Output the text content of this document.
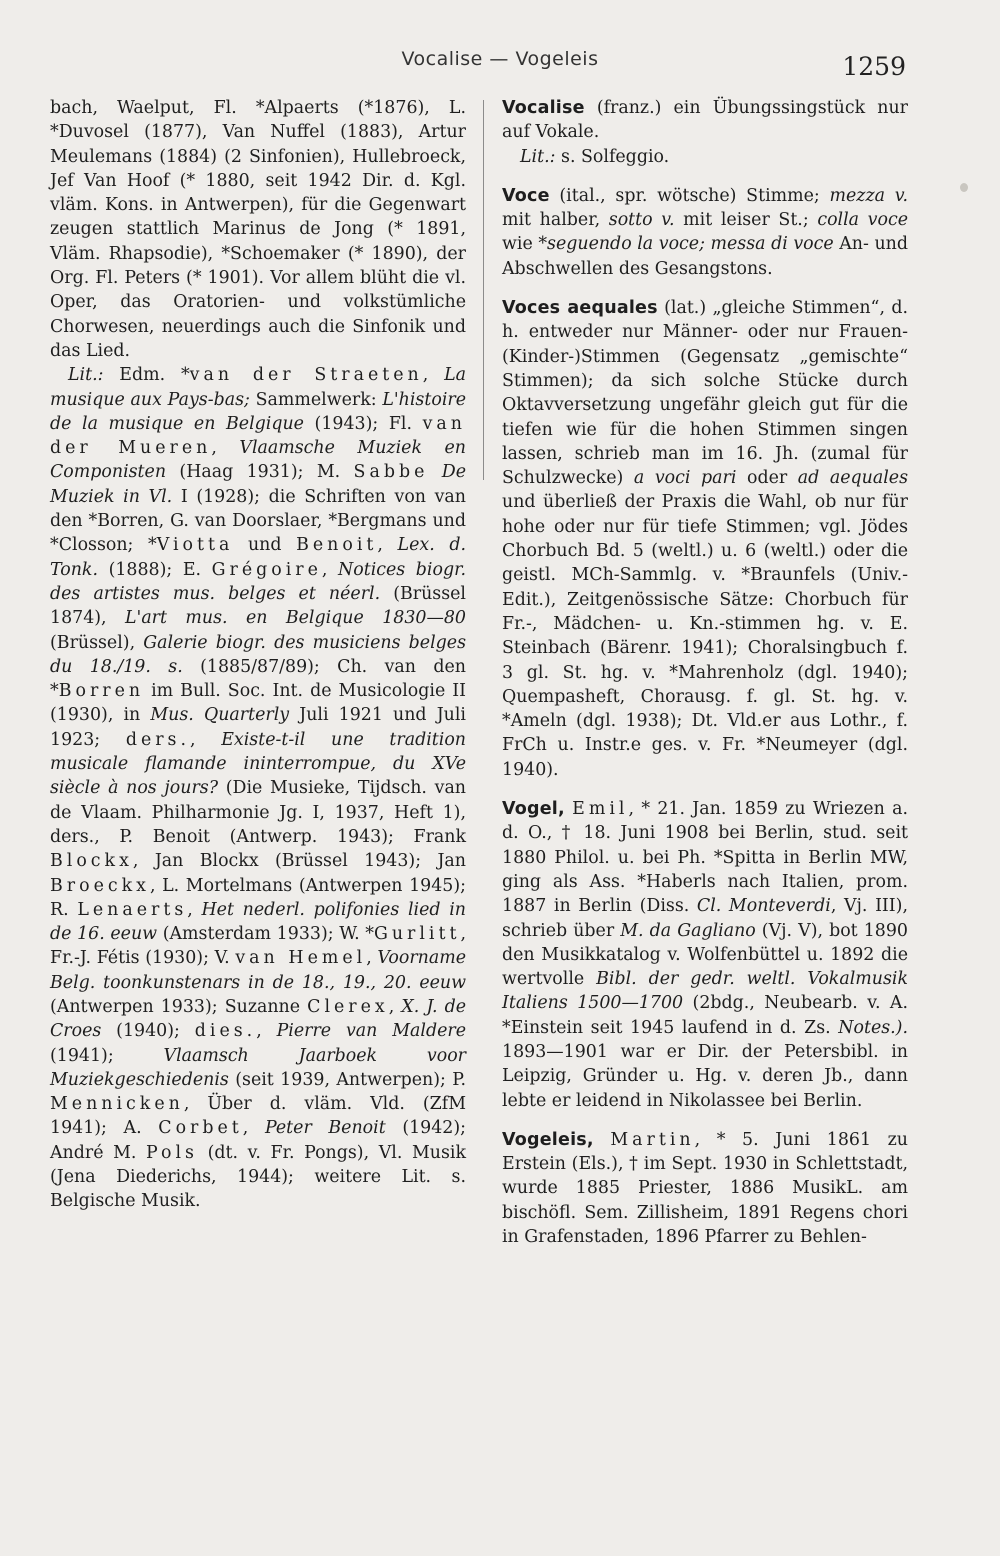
Vocalise — Vogeleis	1259

bach, Waelput, Fl. *Alpaerts (*1876), L. *Duvosel (1877), Van Nuffel (1883), Artur Meulemans (1884) (2 Sinfonien), Hullebroeck, Jef Van Hoof (* 1880, seit 1942 Dir. d. Kgl. vläm. Kons. in Antwerpen), für die Gegenwart zeugen stattlich Marinus de Jong (* 1891, Vläm. Rhapsodie), *Schoemaker (* 1890), der Org. Fl. Peters (* 1901). Vor allem blüht die vl. Oper, das Oratorien- und volkstümliche Chorwesen, neuerdings auch die Sinfonik und das Lied.

Lit.: Edm. *van der Straeten, La musique aux Pays-bas; Sammelwerk: L'histoire de la musique en Belgique (1943); Fl. van der Mueren, Vlaamsche Muziek en Componisten (Haag 1931); M. Sabbe De Muziek in Vl. I (1928); die Schriften von van den *Borren, G. van Doorslaer, *Bergmans und *Closson; *Viotta und Benoit, Lex. d. Tonk. (1888); E. Grégoire, Notices biogr. des artistes mus. belges et néerl. (Brüssel 1874), L'art mus. en Belgique 1830—80 (Brüssel), Galerie biogr. des musiciens belges du 18./19. s. (1885/87/89); Ch. van den *Borren im Bull. Soc. Int. de Musicologie II (1930), in Mus. Quarterly Juli 1921 und Juli 1923; ders., Existe-t-il une tradition musicale flamande ininterrompue, du XVe siècle à nos jours? (Die Musieke, Tijdsch. van de Vlaam. Philharmonie Jg. I, 1937, Heft 1), ders., P. Benoit (Antwerp. 1943); Frank Blockx, Jan Blockx (Brüssel 1943); Jan Broeckx, L. Mortelmans (Antwerpen 1945); R. Lenaerts, Het nederl. polifonies lied in de 16. eeuw (Amsterdam 1933); W. *Gurlitt, Fr.-J. Fétis (1930); V. van Hemel, Voorname Belg. toonkunstenars in de 18., 19., 20. eeuw (Antwerpen 1933); Suzanne Clerex, X. J. de Croes (1940); dies., Pierre van Maldere (1941); Vlaamsch Jaarboek voor Muziekgeschiedenis (seit 1939, Antwerpen); P. Mennicken, Über d. vläm. Vld. (ZfM 1941); A. Corbet, Peter Benoit (1942); André M. Pols (dt. v. Fr. Pongs), Vl. Musik (Jena Diederichs, 1944); weitere Lit. s. Belgische Musik.

Vocalise (franz.) ein Übungssingstück nur auf Vokale.
Lit.: s. Solfeggio.

Voce (ital., spr. wötsche) Stimme; mezza v. mit halber, sotto v. mit leiser St.; colla voce wie *seguendo la voce; messa di voce An- und Abschwellen des Gesangstons.

Voces aequales (lat.) „gleiche Stimmen“, d. h. entweder nur Männer- oder nur Frauen-(Kinder-)Stimmen (Gegensatz „gemischte“ Stimmen); da sich solche Stücke durch Oktavversetzung ungefähr gleich gut für die tiefen wie für die hohen Stimmen singen lassen, schrieb man im 16. Jh. (zumal für Schulzwecke) a voci pari oder ad aequales und überließ der Praxis die Wahl, ob nur für hohe oder nur für tiefe Stimmen; vgl. Jödes Chorbuch Bd. 5 (weltl.) u. 6 (weltl.) oder die geistl. MCh-Sammlg. v. *Braunfels (Univ.-Edit.), Zeitgenössische Sätze: Chorbuch für Fr.-, Mädchen- u. Kn.-stimmen hg. v. E. Steinbach (Bärenr. 1941); Choralsingbuch f. 3 gl. St. hg. v. *Mahrenholz (dgl. 1940); Quempasheft, Chorausg. f. gl. St. hg. v. *Ameln (dgl. 1938); Dt. Vld.er aus Lothr., f. FrCh u. Instr.e ges. v. Fr. *Neumeyer (dgl. 1940).

Vogel, Emil, * 21. Jan. 1859 zu Wriezen a. d. O., † 18. Juni 1908 bei Berlin, stud. seit 1880 Philol. u. bei Ph. *Spitta in Berlin MW, ging als Ass. *Haberls nach Italien, prom. 1887 in Berlin (Diss. Cl. Monteverdi, Vj. III), schrieb über M. da Gagliano (Vj. V), bot 1890 den Musikkatalog v. Wolfenbüttel u. 1892 die wertvolle Bibl. der gedr. weltl. Vokalmusik Italiens 1500—1700 (2bdg., Neubearb. v. A. *Einstein seit 1945 laufend in d. Zs. Notes.). 1893—1901 war er Dir. der Petersbibl. in Leipzig, Gründer u. Hg. v. deren Jb., dann lebte er leidend in Nikolassee bei Berlin.

Vogeleis, Martin, * 5. Juni 1861 zu Erstein (Els.), † im Sept. 1930 in Schlettstadt, wurde 1885 Priester, 1886 MusikL. am bischöfl. Sem. Zillisheim, 1891 Regens chori in Grafenstaden, 1896 Pfarrer zu Behlen-
